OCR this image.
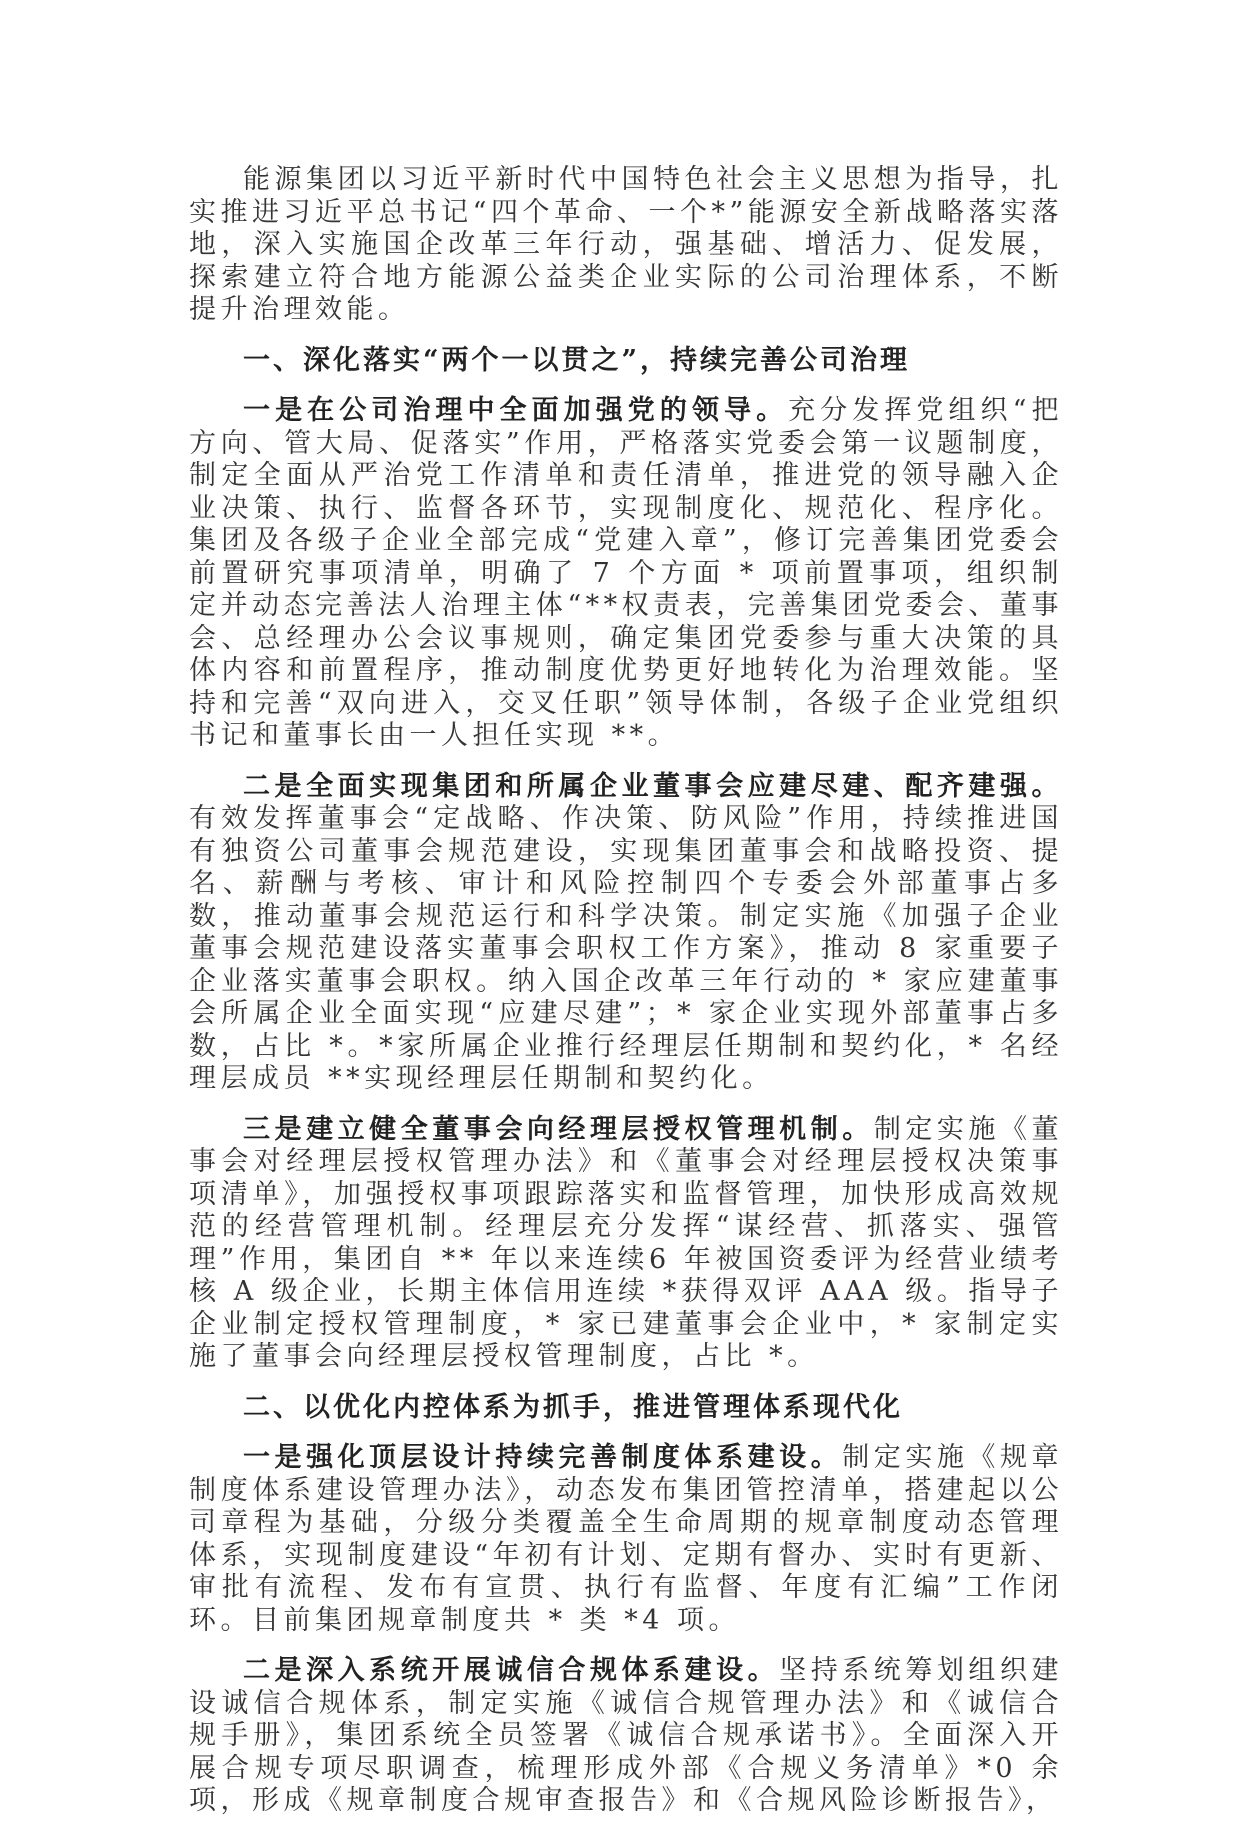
能源集团以习近平新时代中国特色社会主义思想为指导，扎实推进习近平总书记“四个革命、一个*”能源安全新战略落实落地，深入实施国企改革三年行动，强基础、增活力、促发展，探索建立符合地方能源公益类企业实际的公司治理体系，不断提升治理效能。

一、深化落实“两个一以贯之”，持续完善公司治理

一是在公司治理中全面加强党的领导。充分发挥党组织“把方向、管大局、促落实”作用，严格落实党委会第一议题制度，制定全面从严治党工作清单和责任清单，推进党的领导融入企业决策、执行、监督各环节，实现制度化、规范化、程序化。集团及各级子企业全部完成“党建入章”，修订完善集团党委会前置研究事项清单，明确了 7 个方面 * 项前置事项，组织制定并动态完善法人治理主体“**权责表，完善集团党委会、董事会、总经理办公会议事规则，确定集团党委参与重大决策的具体内容和前置程序，推动制度优势更好地转化为治理效能。坚持和完善“双向进入，交叉任职”领导体制，各级子企业党组织书记和董事长由一人担任实现 **。

二是全面实现集团和所属企业董事会应建尽建、配齐建强。有效发挥董事会“定战略、作决策、防风险”作用，持续推进国有独资公司董事会规范建设，实现集团董事会和战略投资、提名、薪酬与考核、审计和风险控制四个专委会外部董事占多数，推动董事会规范运行和科学决策。制定实施《加强子企业董事会规范建设落实董事会职权工作方案》，推动 8 家重要子企业落实董事会职权。纳入国企改革三年行动的 * 家应建董事会所属企业全面实现“应建尽建”；* 家企业实现外部董事占多数，占比 *。*家所属企业推行经理层任期制和契约化，* 名经理层成员 **实现经理层任期制和契约化。

三是建立健全董事会向经理层授权管理机制。制定实施《董事会对经理层授权管理办法》和《董事会对经理层授权决策事项清单》，加强授权事项跟踪落实和监督管理，加快形成高效规范的经营管理机制。经理层充分发挥“谋经营、抓落实、强管理”作用，集团自 ** 年以来连续6 年被国资委评为经营业绩考核 A 级企业，长期主体信用连续 *获得双评 AAA 级。指导子企业制定授权管理制度，* 家已建董事会企业中，* 家制定实施了董事会向经理层授权管理制度，占比 *。

二、以优化内控体系为抓手，推进管理体系现代化

一是强化顶层设计持续完善制度体系建设。制定实施《规章制度体系建设管理办法》，动态发布集团管控清单，搭建起以公司章程为基础，分级分类覆盖全生命周期的规章制度动态管理体系，实现制度建设“年初有计划、定期有督办、实时有更新、审批有流程、发布有宣贯、执行有监督、年度有汇编”工作闭环。目前集团规章制度共 * 类 *4 项。

二是深入系统开展诚信合规体系建设。坚持系统筹划组织建设诚信合规体系，制定实施《诚信合规管理办法》和《诚信合规手册》，集团系统全员签署《诚信合规承诺书》。全面深入开展合规专项尽职调查，梳理形成外部《合规义务清单》*0 余项，形成《规章制度合规审查报告》和《合规风险诊断报告》，
